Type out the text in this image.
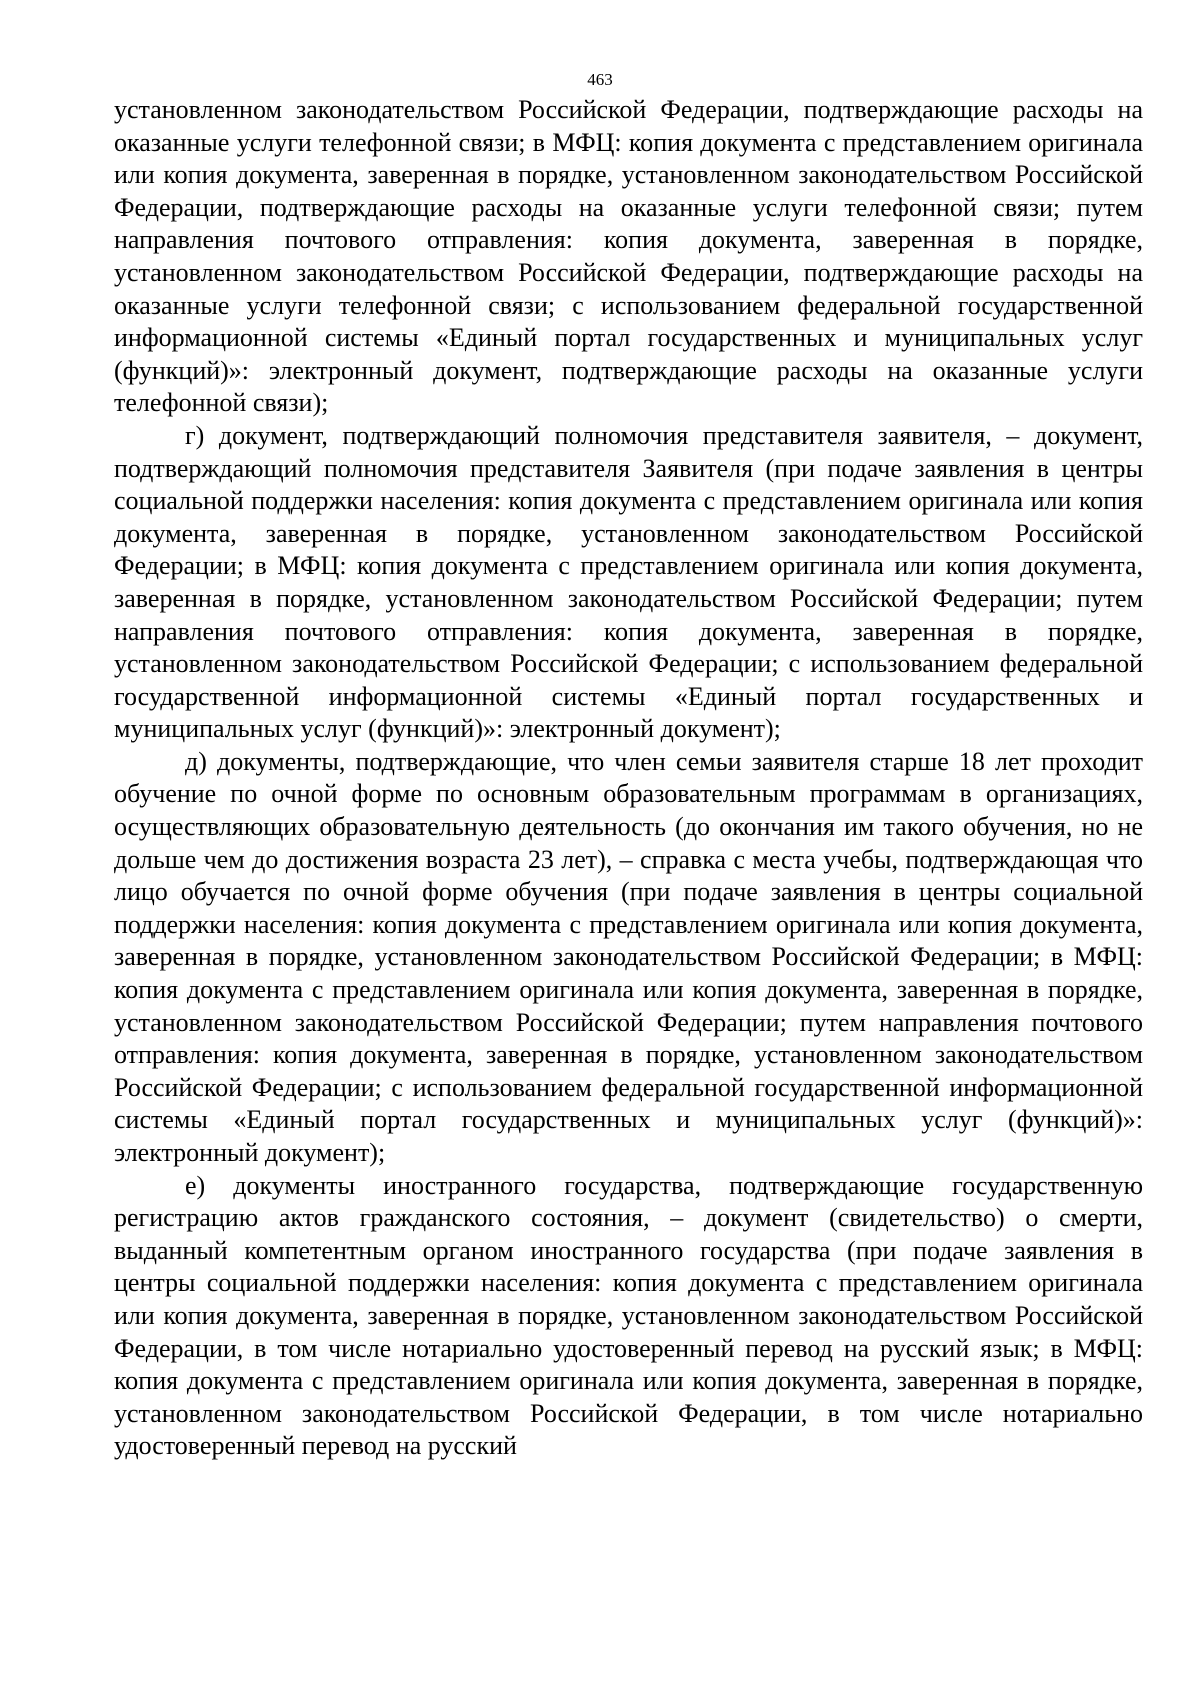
463

установленном законодательством Российской Федерации, подтверждающие расходы на оказанные услуги телефонной связи; в МФЦ: копия документа с представлением оригинала или копия документа, заверенная в порядке, установленном законодательством Российской Федерации, подтверждающие расходы на оказанные услуги телефонной связи; путем направления почтового отправления: копия документа, заверенная в порядке, установленном законодательством Российской Федерации, подтверждающие расходы на оказанные услуги телефонной связи; с использованием федеральной государственной информационной системы «Единый портал государственных и муниципальных услуг (функций)»: электронный документ, подтверждающие расходы на оказанные услуги телефонной связи);

г) документ, подтверждающий полномочия представителя заявителя, – документ, подтверждающий полномочия представителя Заявителя (при подаче заявления в центры социальной поддержки населения: копия документа с представлением оригинала или копия документа, заверенная в порядке, установленном законодательством Российской Федерации; в МФЦ: копия документа с представлением оригинала или копия документа, заверенная в порядке, установленном законодательством Российской Федерации; путем направления почтового отправления: копия документа, заверенная в порядке, установленном законодательством Российской Федерации; с использованием федеральной государственной информационной системы «Единый портал государственных и муниципальных услуг (функций)»: электронный документ);

д) документы, подтверждающие, что член семьи заявителя старше 18 лет проходит обучение по очной форме по основным образовательным программам в организациях, осуществляющих образовательную деятельность (до окончания им такого обучения, но не дольше чем до достижения возраста 23 лет), – справка с места учебы, подтверждающая что лицо обучается по очной форме обучения (при подаче заявления в центры социальной поддержки населения: копия документа с представлением оригинала или копия документа, заверенная в порядке, установленном законодательством Российской Федерации; в МФЦ: копия документа с представлением оригинала или копия документа, заверенная в порядке, установленном законодательством Российской Федерации; путем направления почтового отправления: копия документа, заверенная в порядке, установленном законодательством Российской Федерации; с использованием федеральной государственной информационной системы «Единый портал государственных и муниципальных услуг (функций)»: электронный документ);

е) документы иностранного государства, подтверждающие государственную регистрацию актов гражданского состояния, – документ (свидетельство) о смерти, выданный компетентным органом иностранного государства (при подаче заявления в центры социальной поддержки населения: копия документа с представлением оригинала или копия документа, заверенная в порядке, установленном законодательством Российской Федерации, в том числе нотариально удостоверенный перевод на русский язык; в МФЦ: копия документа с представлением оригинала или копия документа, заверенная в порядке, установленном законодательством Российской Федерации, в том числе нотариально удостоверенный перевод на русский
